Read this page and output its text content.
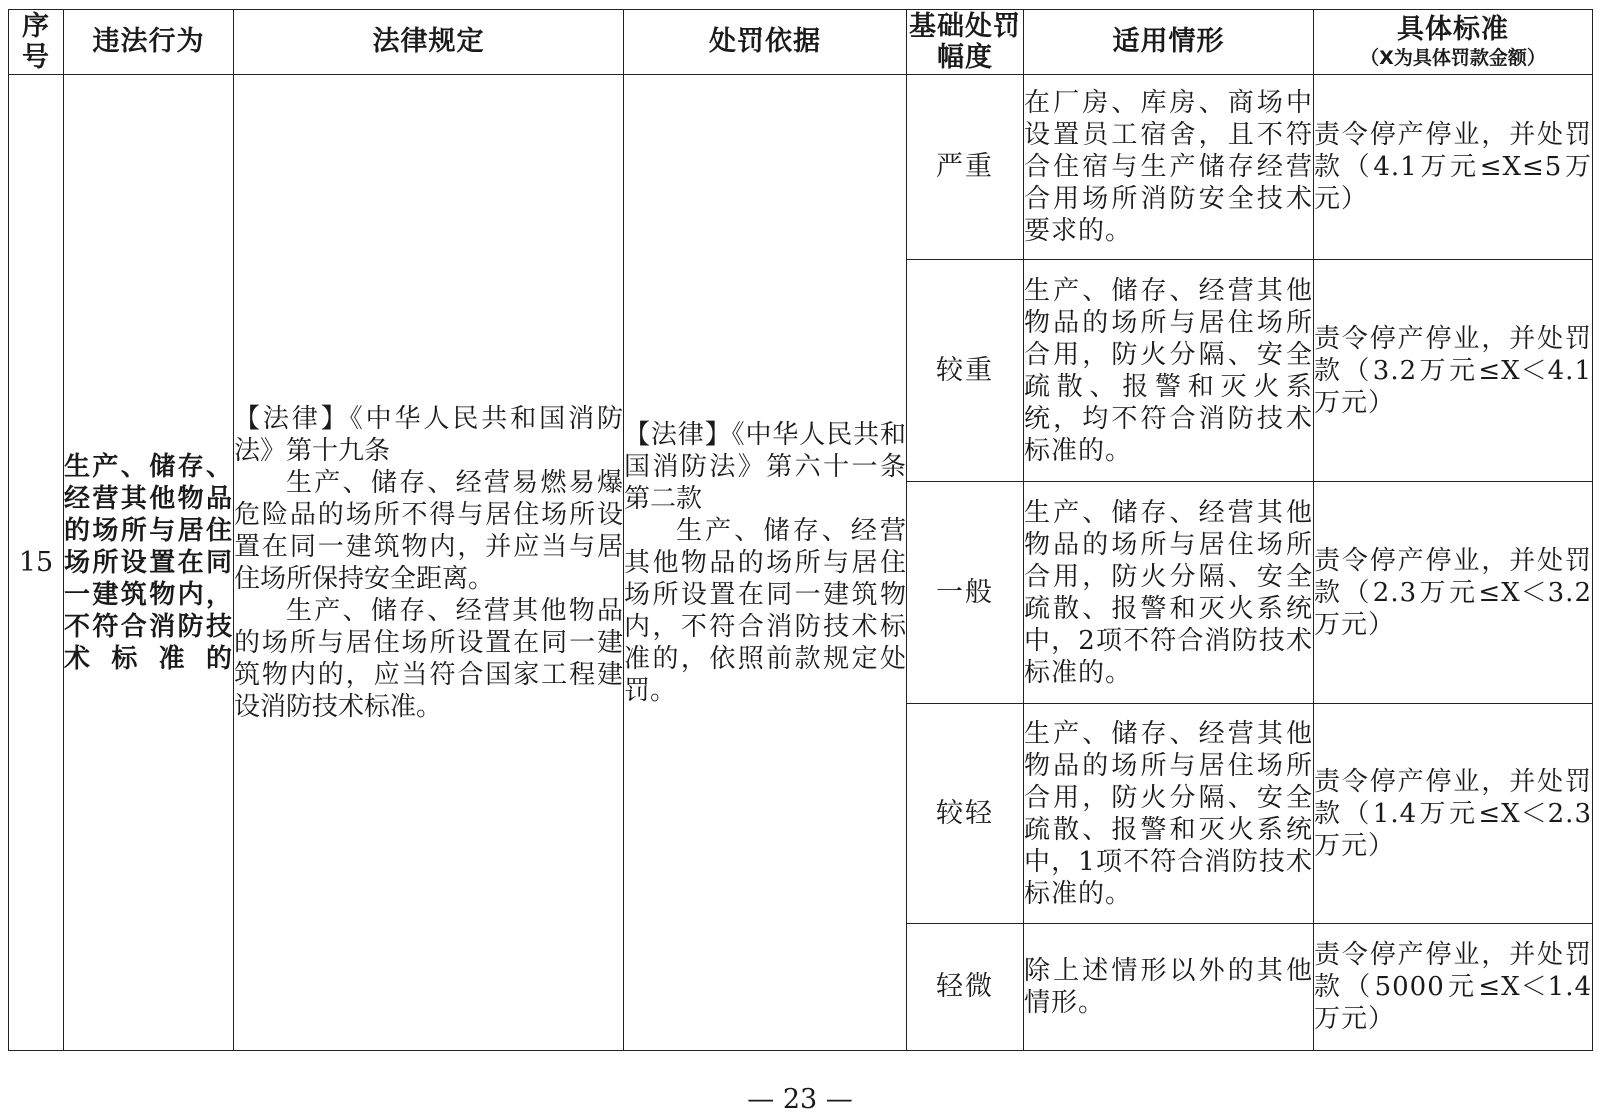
序号	违法行为	法律规定	处罚依据	基础处罚幅度	适用情形	具体标准
（X为具体罚款金额）

15	生产、储存、经营其他物品的场所与居住场所设置在同一建筑物内，不符合消防技术标准的	【法律】《中华人民共和国消防法》第十九条
生产、储存、经营易燃易爆危险品的场所不得与居住场所设置在同一建筑物内，并应当与居住场所保持安全距离。
生产、储存、经营其他物品的场所与居住场所设置在同一建筑物内的，应当符合国家工程建设消防技术标准。	【法律】《中华人民共和国消防法》第六十一条第二款
生产、储存、经营其他物品的场所与居住场所设置在同一建筑物内，不符合消防技术标准的，依照前款规定处罚。	严重	在厂房、库房、商场中设置员工宿舍，且不符合住宿与生产储存经营合用场所消防安全技术要求的。	责令停产停业，并处罚款（4.1万元≤X≤5万元）
				较重	生产、储存、经营其他物品的场所与居住场所合用，防火分隔、安全疏散、报警和灭火系统，均不符合消防技术标准的。	责令停产停业，并处罚款（3.2万元≤X＜4.1万元）
				一般	生产、储存、经营其他物品的场所与居住场所合用，防火分隔、安全疏散、报警和灭火系统中，2项不符合消防技术标准的。	责令停产停业，并处罚款（2.3万元≤X＜3.2万元）
				较轻	生产、储存、经营其他物品的场所与居住场所合用，防火分隔、安全疏散、报警和灭火系统中，1项不符合消防技术标准的。	责令停产停业，并处罚款（1.4万元≤X＜2.3万元）
				轻微	除上述情形以外的其他情形。	责令停产停业，并处罚款（5000元≤X＜1.4万元）
— 23 —
